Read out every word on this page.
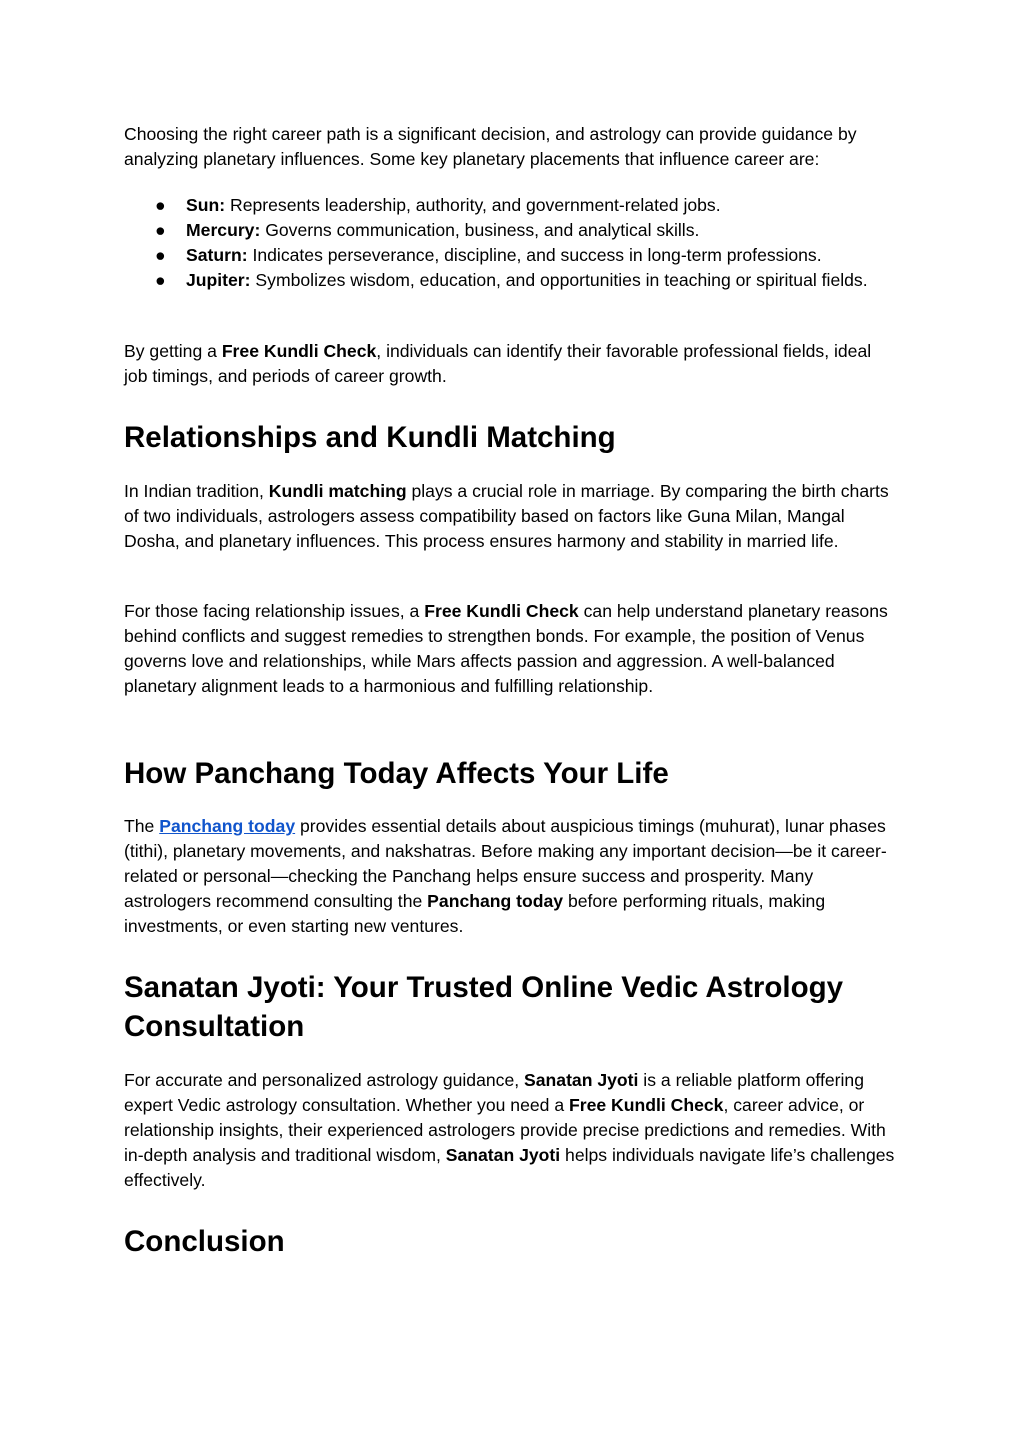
Choosing the right career path is a significant decision, and astrology can provide guidance by analyzing planetary influences. Some key planetary placements that influence career are:

● Sun: Represents leadership, authority, and government-related jobs.
● Mercury: Governs communication, business, and analytical skills.
● Saturn: Indicates perseverance, discipline, and success in long-term professions.
● Jupiter: Symbolizes wisdom, education, and opportunities in teaching or spiritual fields.

By getting a Free Kundli Check, individuals can identify their favorable professional fields, ideal job timings, and periods of career growth.

Relationships and Kundli Matching

In Indian tradition, Kundli matching plays a crucial role in marriage. By comparing the birth charts of two individuals, astrologers assess compatibility based on factors like Guna Milan, Mangal Dosha, and planetary influences. This process ensures harmony and stability in married life.

For those facing relationship issues, a Free Kundli Check can help understand planetary reasons behind conflicts and suggest remedies to strengthen bonds. For example, the position of Venus governs love and relationships, while Mars affects passion and aggression. A well-balanced planetary alignment leads to a harmonious and fulfilling relationship.

How Panchang Today Affects Your Life

The Panchang today provides essential details about auspicious timings (muhurat), lunar phases (tithi), planetary movements, and nakshatras. Before making any important decision—be it career-related or personal—checking the Panchang helps ensure success and prosperity. Many astrologers recommend consulting the Panchang today before performing rituals, making investments, or even starting new ventures.

Sanatan Jyoti: Your Trusted Online Vedic Astrology Consultation

For accurate and personalized astrology guidance, Sanatan Jyoti is a reliable platform offering expert Vedic astrology consultation. Whether you need a Free Kundli Check, career advice, or relationship insights, their experienced astrologers provide precise predictions and remedies. With in-depth analysis and traditional wisdom, Sanatan Jyoti helps individuals navigate life’s challenges effectively.

Conclusion
